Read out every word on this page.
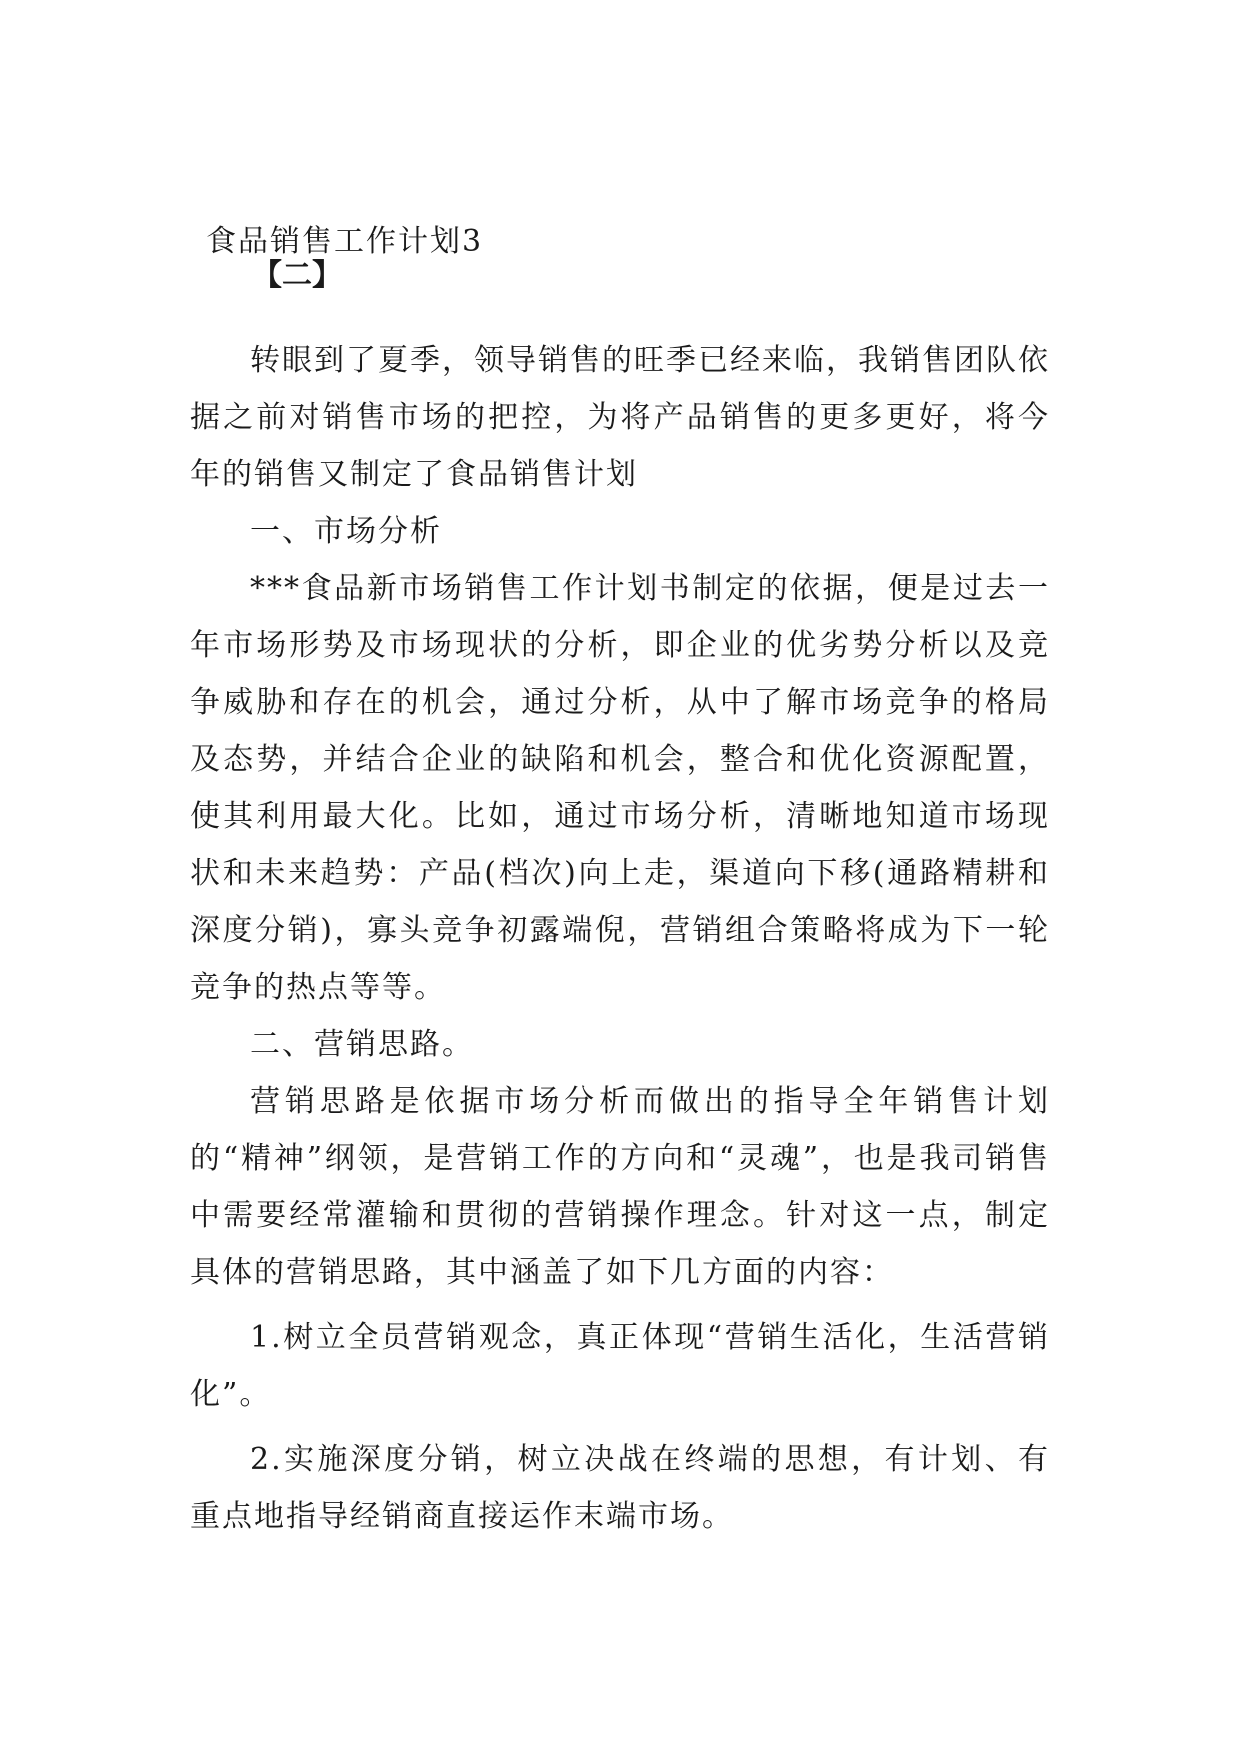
食品销售工作计划3
【二】

转眼到了夏季，领导销售的旺季已经来临，我销售团队依据之前对销售市场的把控，为将产品销售的更多更好，将今年的销售又制定了食品销售计划

一、市场分析

***食品新市场销售工作计划书制定的依据，便是过去一年市场形势及市场现状的分析，即企业的优劣势分析以及竞争威胁和存在的机会，通过分析，从中了解市场竞争的格局及态势，并结合企业的缺陷和机会，整合和优化资源配置，使其利用最大化。比如，通过市场分析，清晰地知道市场现状和未来趋势：产品(档次)向上走，渠道向下移(通路精耕和深度分销)，寡头竞争初露端倪，营销组合策略将成为下一轮竞争的热点等等。

二、营销思路。

营销思路是依据市场分析而做出的指导全年销售计划的“精神”纲领，是营销工作的方向和“灵魂”，也是我司销售中需要经常灌输和贯彻的营销操作理念。针对这一点，制定具体的营销思路，其中涵盖了如下几方面的内容：

1.树立全员营销观念，真正体现“营销生活化，生活营销化”。

2.实施深度分销，树立决战在终端的思想，有计划、有重点地指导经销商直接运作末端市场。
